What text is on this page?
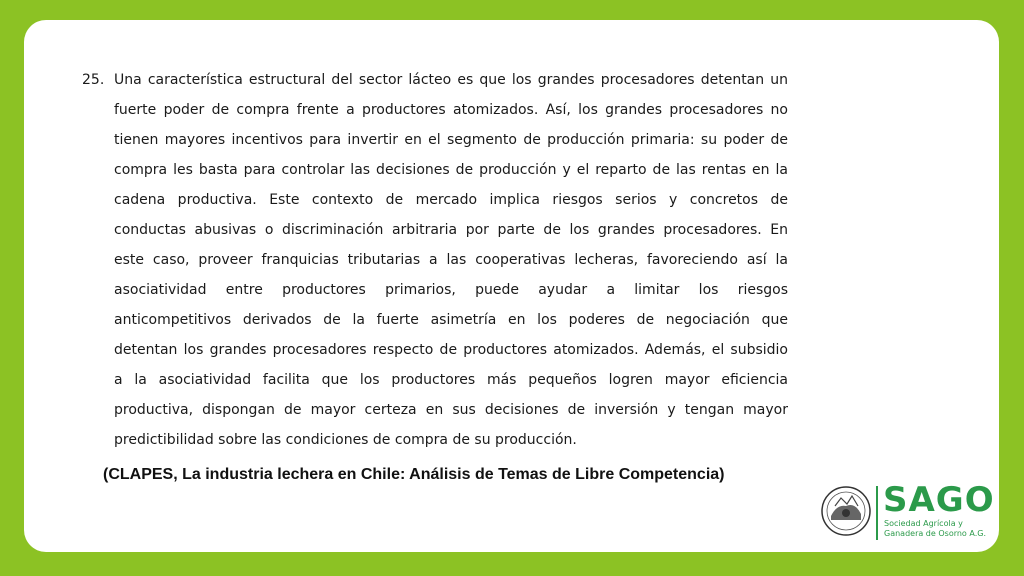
25. Una característica estructural del sector lácteo es que los grandes procesadores detentan un
fuerte poder de compra frente a productores atomizados. Así, los grandes procesadores no
tienen mayores incentivos para invertir en el segmento de producción primaria: su poder de
compra les basta para controlar las decisiones de producción y el reparto de las rentas en la
cadena productiva. Este contexto de mercado implica riesgos serios y concretos de
conductas abusivas o discriminación arbitraria por parte de los grandes procesadores. En
este caso, proveer franquicias tributarias a las cooperativas lecheras, favoreciendo así la
asociatividad entre productores primarios, puede ayudar a limitar los riesgos
anticompetitivos derivados de la fuerte asimetría en los poderes de negociación que
detentan los grandes procesadores respecto de productores atomizados. Además, el subsidio
a la asociatividad facilita que los productores más pequeños logren mayor eficiencia
productiva, dispongan de mayor certeza en sus decisiones de inversión y tengan mayor
predictibilidad sobre las condiciones de compra de su producción.
(CLAPES, La industria lechera en Chile: Análisis de Temas de Libre Competencia)
SAGO
Sociedad Agrícola y
Ganadera de Osorno A.G.
